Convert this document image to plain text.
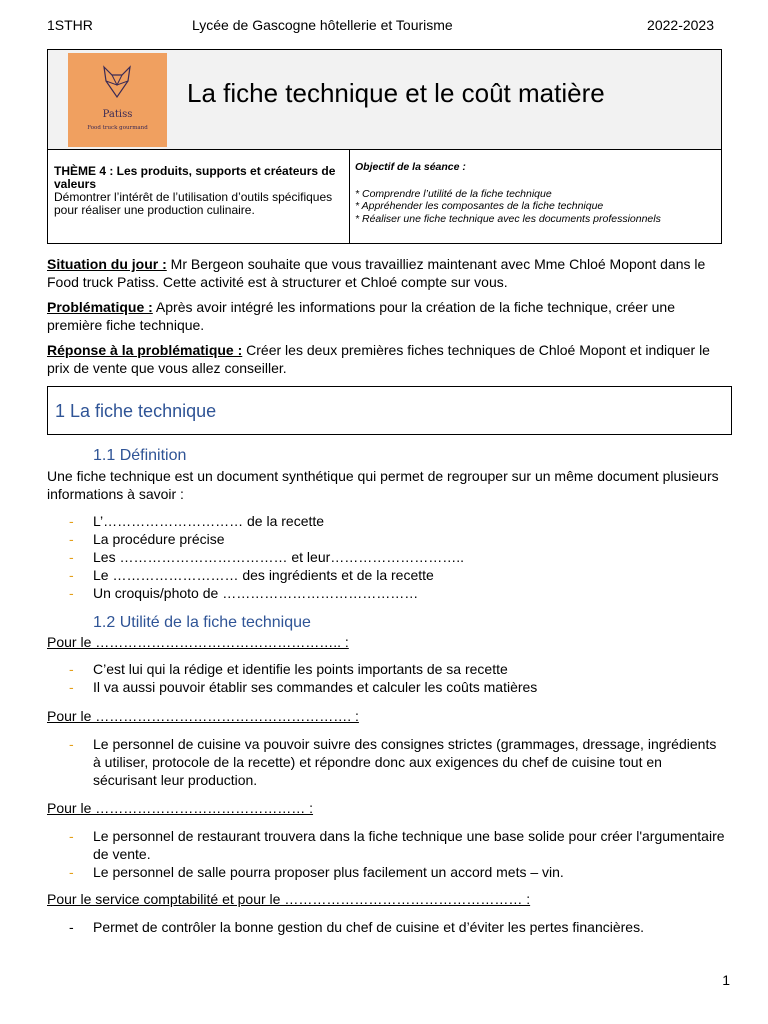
1STHR	Lycée de Gascogne hôtellerie et Tourisme	2022-2023
Patiss
Food truck gourmand
La fiche technique et le coût matière
THÈME 4 : Les produits, supports et créateurs de valeurs
Démontrer l’intérêt de l’utilisation d’outils spécifiques pour réaliser une production culinaire.
Objectif de la séance :
* Comprendre l’utilité de la fiche technique
* Appréhender les composantes de la fiche technique
* Réaliser une fiche technique avec les documents professionnels
Situation du jour : Mr Bergeon souhaite que vous travailliez maintenant avec Mme Chloé Mopont dans le Food truck Patiss. Cette activité est à structurer et Chloé compte sur vous.
Problématique : Après avoir intégré les informations pour la création de la fiche technique, créer une première fiche technique.
Réponse à la problématique : Créer les deux premières fiches techniques de Chloé Mopont et indiquer le prix de vente que vous allez conseiller.
1 La fiche technique
1.1 Définition
Une fiche technique est un document synthétique qui permet de regrouper sur un même document plusieurs informations à savoir :
- L’………………………… de la recette
- La procédure précise
- Les ……………………………… et leur………………………..
- Le ……………………… des ingrédients et de la recette
- Un croquis/photo de ……………………………………
1.2 Utilité de la fiche technique
Pour le …………………………………………….. :
- C’est lui qui la rédige et identifie les points importants de sa recette
- Il va aussi pouvoir établir ses commandes et calculer les coûts matières
Pour le ………………………………………………. :
- Le personnel de cuisine va pouvoir suivre des consignes strictes (grammages, dressage, ingrédients à utiliser, protocole de la recette) et répondre donc aux exigences du chef de cuisine tout en sécurisant leur production.
Pour le ……………………………………… :
- Le personnel de restaurant trouvera dans la fiche technique une base solide pour créer l'argumentaire de vente.
- Le personnel de salle pourra proposer plus facilement un accord mets – vin.
Pour le service comptabilité et pour le …………………………………………… :
- Permet de contrôler la bonne gestion du chef de cuisine et d’éviter les pertes financières.
1
